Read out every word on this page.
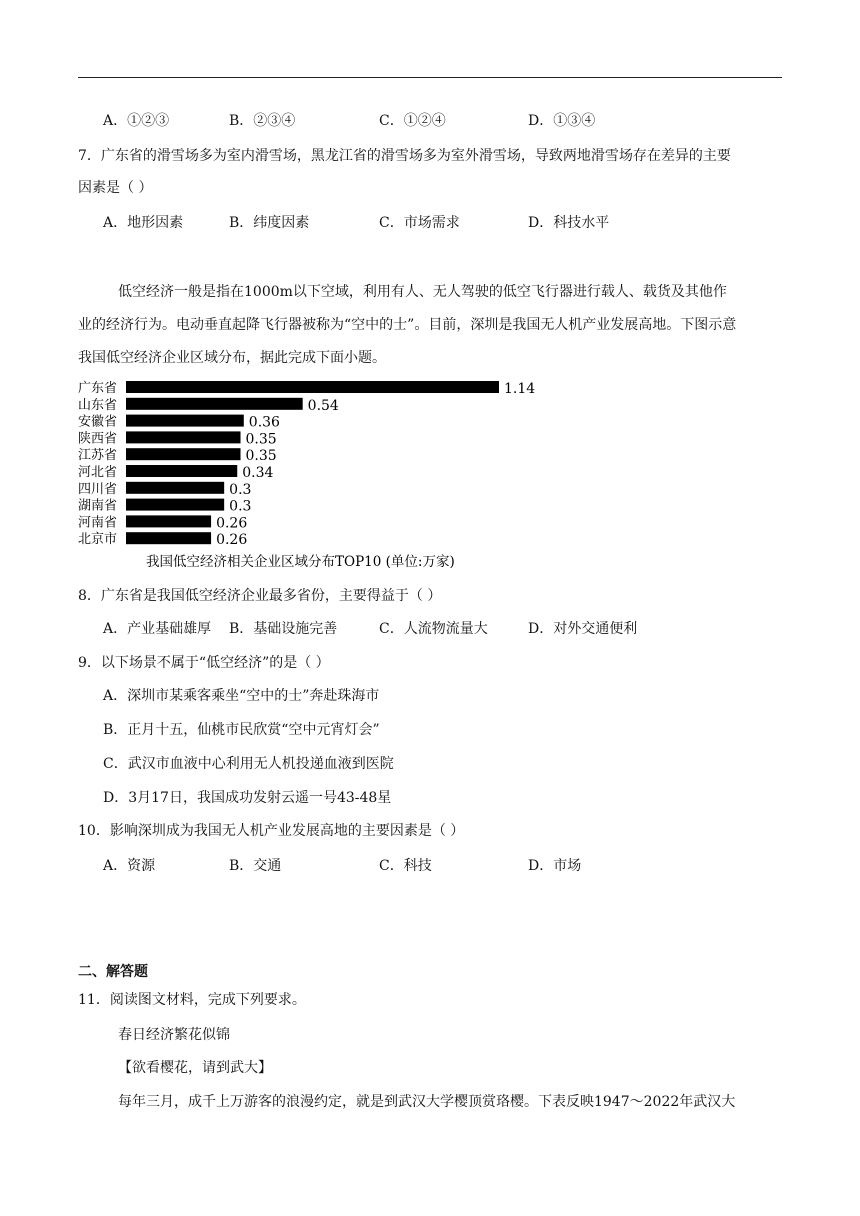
A．①②③	B．②③④	C．①②④	D．①③④
7．广东省的滑雪场多为室内滑雪场，黑龙江省的滑雪场多为室外滑雪场，导致两地滑雪场存在差异的主要
因素是（ ）
A．地形因素	B．纬度因素	C．市场需求	D．科技水平
低空经济一般是指在1000m以下空域，利用有人、无人驾驶的低空飞行器进行载人、载货及其他作
业的经济行为。电动垂直起降飞行器被称为“空中的士”。目前，深圳是我国无人机产业发展高地。下图示意
我国低空经济企业区域分布，据此完成下面小题。
广东省	1.14
山东省	0.54
安徽省	0.36
陕西省	0.35
江苏省	0.35
河北省	0.34
四川省	0.3
湖南省	0.3
河南省	0.26
北京市	0.26
我国低空经济相关企业区域分布TOP10 (单位:万家)
8．广东省是我国低空经济企业最多省份，主要得益于（ ）
A．产业基础雄厚 B．基础设施完善	C．人流物流量大	D．对外交通便利
9．以下场景不属于“低空经济”的是（ ）
A．深圳市某乘客乘坐“空中的士”奔赴珠海市
B．正月十五，仙桃市民欣赏“空中元宵灯会”
C．武汉市血液中心利用无人机投递血液到医院
D．3月17日，我国成功发射云遥一号43-48星
10．影响深圳成为我国无人机产业发展高地的主要因素是（ ）
A．资源	B．交通	C．科技	D．市场
二、解答题
11．阅读图文材料，完成下列要求。
春日经济繁花似锦
【欲看樱花，请到武大】
每年三月，成千上万游客的浪漫约定，就是到武汉大学樱顶赏珞樱。下表反映1947～2022年武汉大
